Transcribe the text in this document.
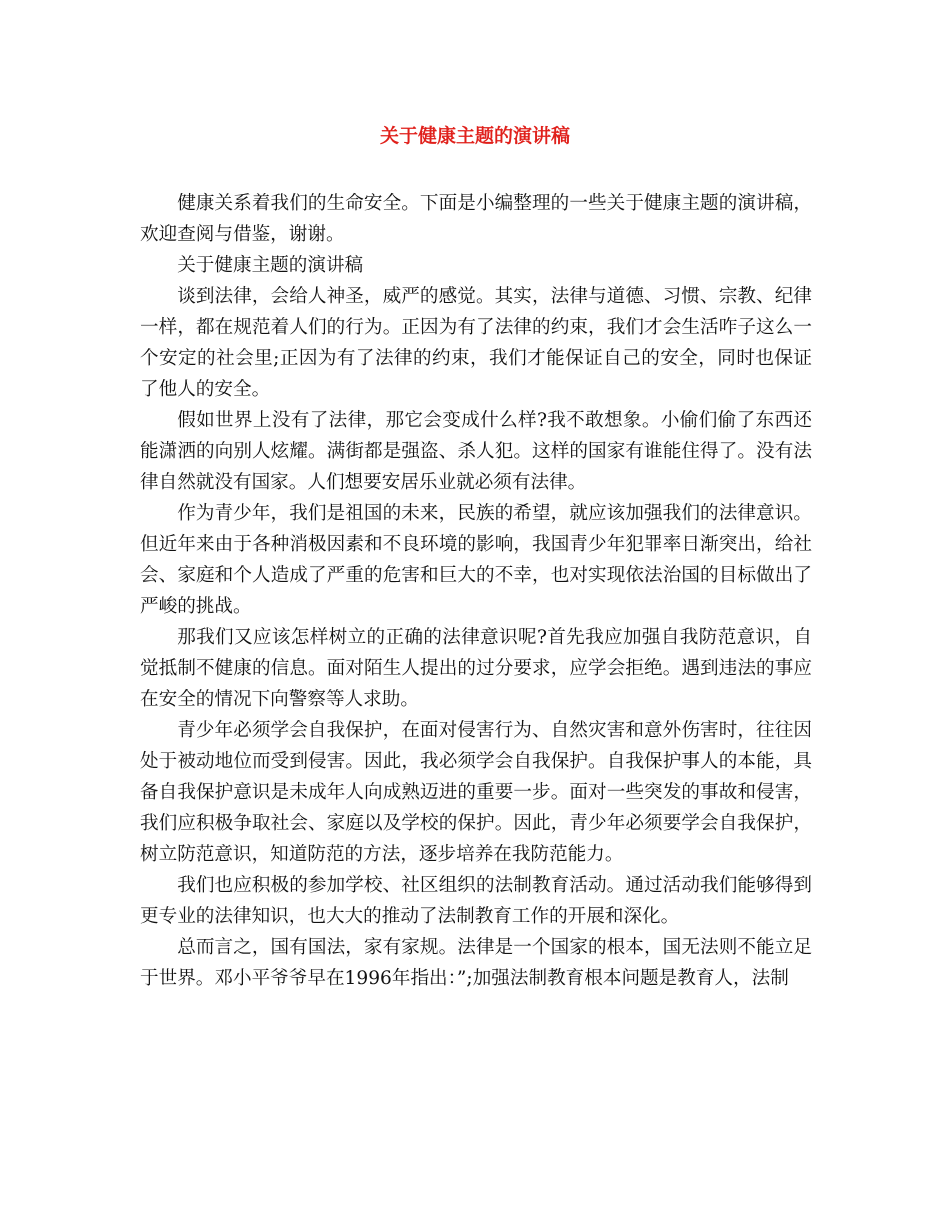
关于健康主题的演讲稿

健康关系着我们的生命安全。下面是小编整理的一些关于健康主题的演讲稿，欢迎查阅与借鉴，谢谢。

关于健康主题的演讲稿

谈到法律，会给人神圣，威严的感觉。其实，法律与道德、习惯、宗教、纪律一样，都在规范着人们的行为。正因为有了法律的约束，我们才会生活咋子这么一个安定的社会里;正因为有了法律的约束，我们才能保证自己的安全，同时也保证了他人的安全。

假如世界上没有了法律，那它会变成什么样?我不敢想象。小偷们偷了东西还能潇洒的向别人炫耀。满街都是强盗、杀人犯。这样的国家有谁能住得了。没有法律自然就没有国家。人们想要安居乐业就必须有法律。

作为青少年，我们是祖国的未来，民族的希望，就应该加强我们的法律意识。但近年来由于各种消极因素和不良环境的影响，我国青少年犯罪率日渐突出，给社会、家庭和个人造成了严重的危害和巨大的不幸，也对实现依法治国的目标做出了严峻的挑战。

那我们又应该怎样树立的正确的法律意识呢?首先我应加强自我防范意识，自觉抵制不健康的信息。面对陌生人提出的过分要求，应学会拒绝。遇到违法的事应在安全的情况下向警察等人求助。

青少年必须学会自我保护，在面对侵害行为、自然灾害和意外伤害时，往往因处于被动地位而受到侵害。因此，我必须学会自我保护。自我保护事人的本能，具备自我保护意识是未成年人向成熟迈进的重要一步。面对一些突发的事故和侵害，我们应积极争取社会、家庭以及学校的保护。因此，青少年必须要学会自我保护，树立防范意识，知道防范的方法，逐步培养在我防范能力。

我们也应积极的参加学校、社区组织的法制教育活动。通过活动我们能够得到更专业的法律知识，也大大的推动了法制教育工作的开展和深化。

总而言之，国有国法，家有家规。法律是一个国家的根本，国无法则不能立足于世界。邓小平爷爷早在1996年指出：”;加强法制教育根本问题是教育人，法制
